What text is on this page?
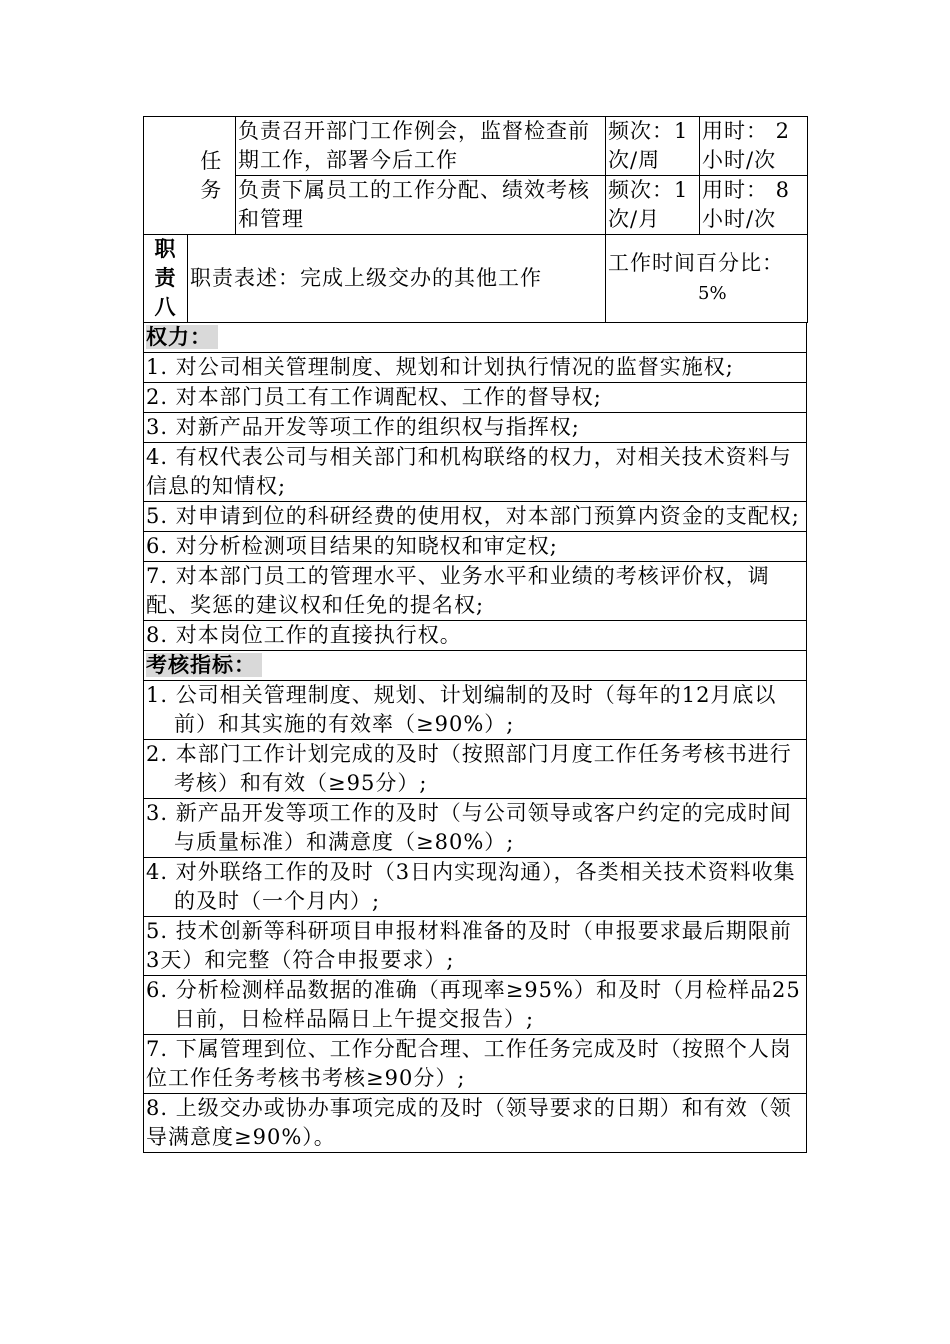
	任务	负责召开部门工作例会，监督检查前期工作，部署今后工作	频次：1次/周	用时： 2小时/次
		负责下属员工的工作分配、绩效考核和管理	频次：1次/月	用时： 8小时/次
职责八	职责表述：完成上级交办的其他工作		工作时间百分比：5%	
权力：
1. 对公司相关管理制度、规划和计划执行情况的监督实施权;
2. 对本部门员工有工作调配权、工作的督导权;
3. 对新产品开发等项工作的组织权与指挥权;
4. 有权代表公司与相关部门和机构联络的权力，对相关技术资料与信息的知情权;
5. 对申请到位的科研经费的使用权，对本部门预算内资金的支配权;
6. 对分析检测项目结果的知晓权和审定权;
7. 对本部门员工的管理水平、业务水平和业绩的考核评价权，调配、奖惩的建议权和任免的提名权;
8. 对本岗位工作的直接执行权。
考核指标：
1. 公司相关管理制度、规划、计划编制的及时（每年的12月底以前）和其实施的有效率（≥90%）;
2. 本部门工作计划完成的及时（按照部门月度工作任务考核书进行考核）和有效（≥95分）;
3. 新产品开发等项工作的及时（与公司领导或客户约定的完成时间与质量标准）和满意度（≥80%）;
4. 对外联络工作的及时（3日内实现沟通），各类相关技术资料收集的及时（一个月内）;
5. 技术创新等科研项目申报材料准备的及时（申报要求最后期限前3天）和完整（符合申报要求）;
6. 分析检测样品数据的准确（再现率≥95%）和及时（月检样品25日前，日检样品隔日上午提交报告）;
7. 下属管理到位、工作分配合理、工作任务完成及时（按照个人岗位工作任务考核书考核≥90分）;
8. 上级交办或协办事项完成的及时（领导要求的日期）和有效（领导满意度≥90%）。
